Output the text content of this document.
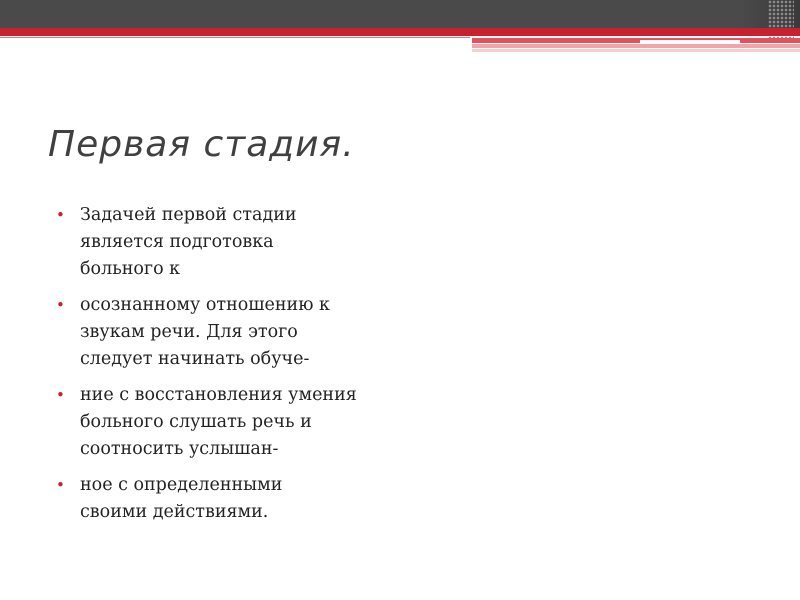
Первая стадия.
• Задачей первой стадии
является подготовка
больного к
• осознанному отношению к
звукам речи. Для этого
следует начинать обуче-
• ние с восстановления умения
больного слушать речь и
соотносить услышан-
• ное с определенными
своими действиями.
